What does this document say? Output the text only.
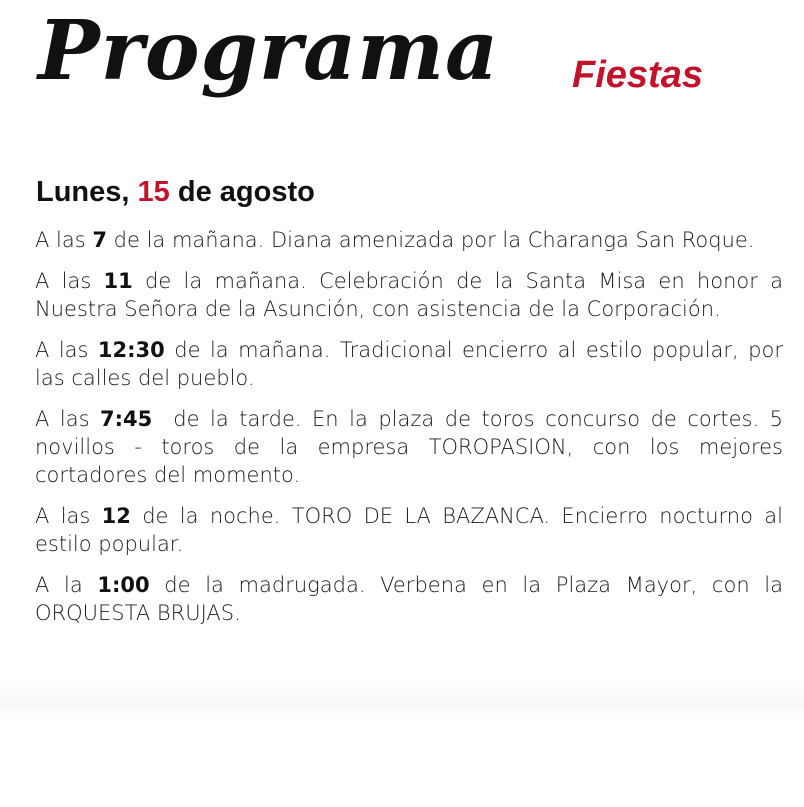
Programa Fiestas
Lunes, 15 de agosto

A las 7 de la mañana. Diana amenizada por la Charanga San Roque.

A las 11 de la mañana. Celebración de la Santa Misa en honor a Nuestra Señora de la Asunción, con asistencia de la Corporación.

A las 12:30 de la mañana. Tradicional encierro al estilo popular, por las calles del pueblo.

A las 7:45  de la tarde. En la plaza de toros concurso de cortes. 5 novillos - toros de la empresa TOROPASION, con los mejores cortadores del momento.

A las 12 de la noche. TORO DE LA BAZANCA. Encierro nocturno al estilo popular.

A la 1:00 de la madrugada. Verbena en la Plaza Mayor, con la ORQUESTA BRUJAS.
